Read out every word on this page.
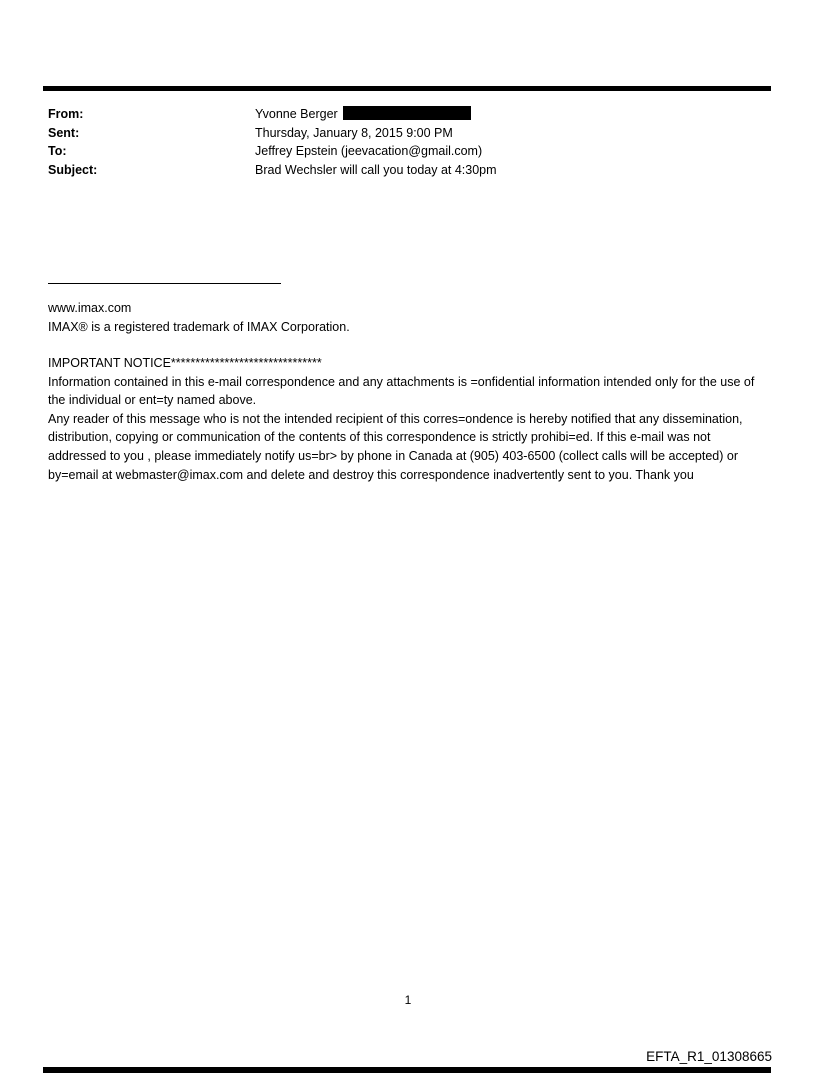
From:	Yvonne Berger
Sent:	Thursday, January 8, 2015 9:00 PM
To:	Jeffrey Epstein (jeevacation@gmail.com)
Subject:	Brad Wechsler will call you today at 4:30pm
www.imax.com
IMAX® is a registered trademark of IMAX Corporation.
IMPORTANT NOTICE*******************************

Information contained in this e-mail correspondence and any attachments is =onfidential information intended only for the use of the individual or ent=ty named above.

Any reader of this message who is not the intended recipient of this corres=ondence is hereby notified that any dissemination, distribution, copying or communication of the contents of this correspondence is strictly prohibi=ed. If this e-mail was not addressed to you , please immediately notify us=br> by phone in Canada at (905) 403-6500 (collect calls will be accepted) or by=email at webmaster@imax.com and delete and destroy this correspondence inadvertently sent to you. Thank you

1
EFTA_R1_01308665
